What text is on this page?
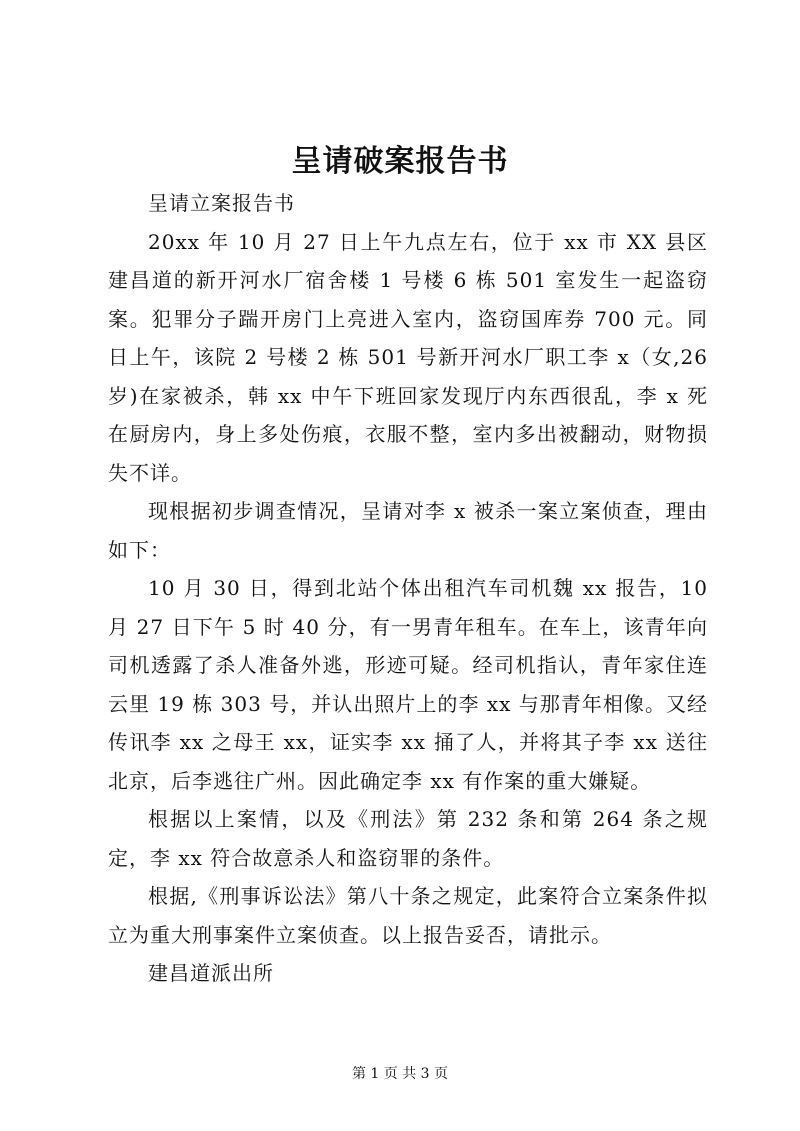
呈请破案报告书

呈请立案报告书

20xx 年 10 月 27 日上午九点左右，位于 xx 市 XX 县区建昌道的新开河水厂宿舍楼 1 号楼 6 栋 501 室发生一起盗窃案。犯罪分子踹开房门上亮进入室内，盗窃国库券 700 元。同日上午，该院 2 号楼 2 栋 501 号新开河水厂职工李 x（女,26 岁)在家被杀，韩 xx 中午下班回家发现厅内东西很乱，李 x 死在厨房内，身上多处伤痕，衣服不整，室内多出被翻动，财物损失不详。

现根据初步调查情况，呈请对李 x 被杀一案立案侦查，理由如下：

10 月 30 日，得到北站个体出租汽车司机魏 xx 报告，10 月 27 日下午 5 时 40 分，有一男青年租车。在车上，该青年向司机透露了杀人准备外逃，形迹可疑。经司机指认，青年家住连云里 19 栋 303 号，并认出照片上的李 xx 与那青年相像。又经传讯李 xx 之母王 xx，证实李 xx 捅了人，并将其子李 xx 送往北京，后李逃往广州。因此确定李 xx 有作案的重大嫌疑。

根据以上案情，以及《刑法》第 232 条和第 264 条之规定，李 xx 符合故意杀人和盗窃罪的条件。

根据,《刑事诉讼法》第八十条之规定，此案符合立案条件拟立为重大刑事案件立案侦查。以上报告妥否，请批示。

建昌道派出所

第 1 页 共 3 页
